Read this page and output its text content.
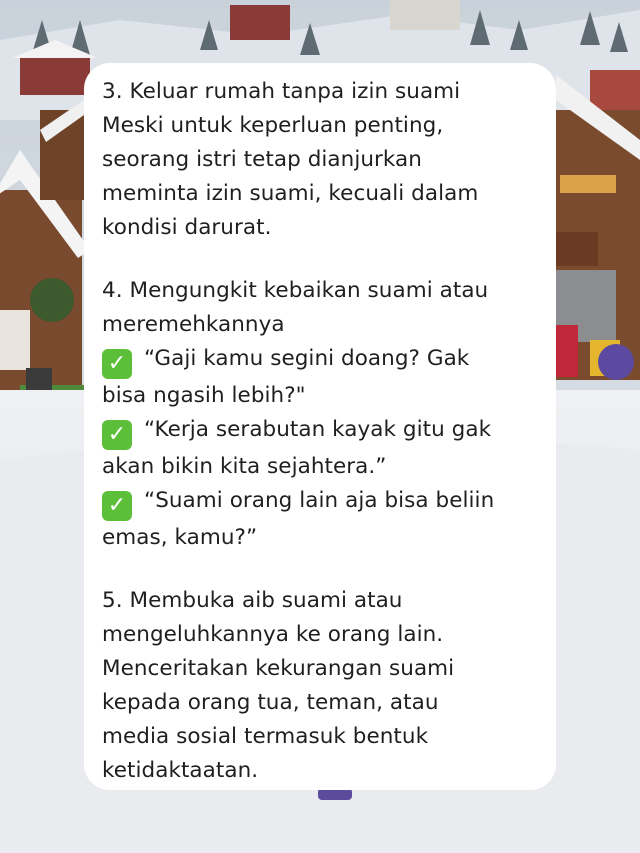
3. Keluar rumah tanpa izin suami
Meski untuk keperluan penting,
seorang istri tetap dianjurkan
meminta izin suami, kecuali dalam
kondisi darurat.
4. Mengungkit kebaikan suami atau
meremehkannya
✓ “Gaji kamu segini doang? Gak
bisa ngasih lebih?"
✓ “Kerja serabutan kayak gitu gak
akan bikin kita sejahtera.”
✓ “Suami orang lain aja bisa beliin
emas, kamu?”
5. Membuka aib suami atau
mengeluhkannya ke orang lain.
Menceritakan kekurangan suami
kepada orang tua, teman, atau
media sosial termasuk bentuk
ketidaktaatan.
